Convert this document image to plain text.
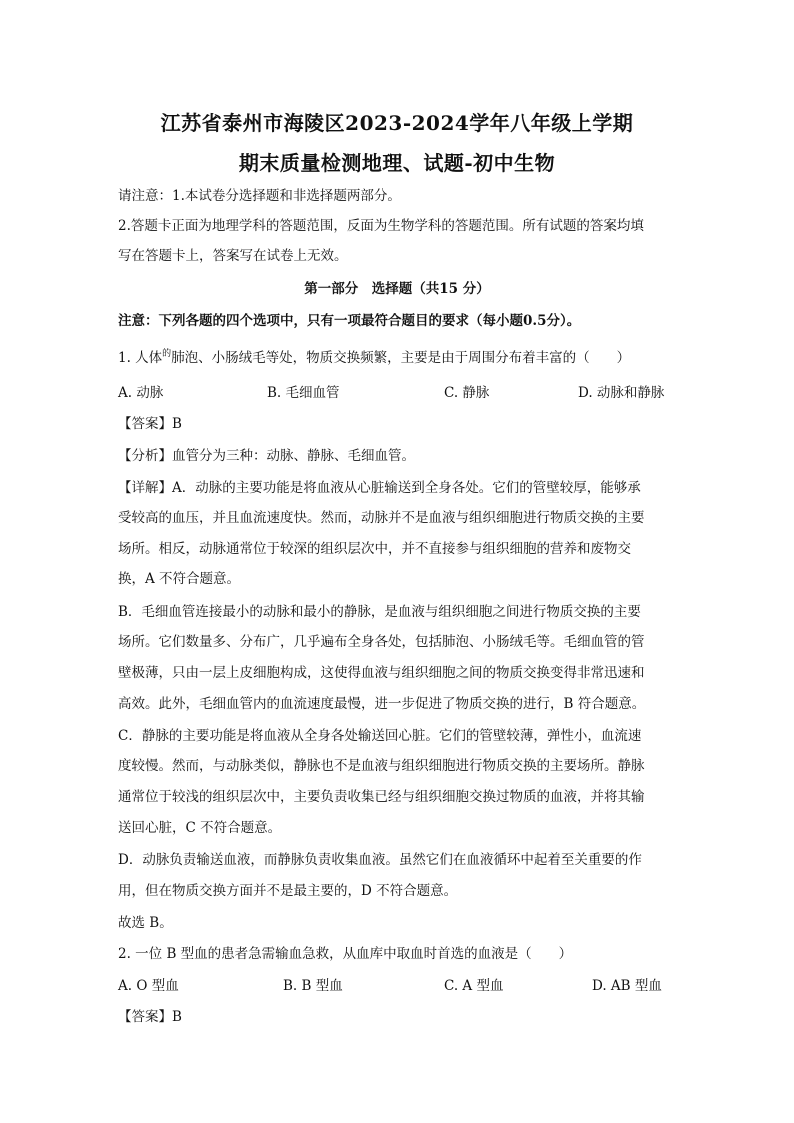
江苏省泰州市海陵区2023-2024学年八年级上学期
期末质量检测地理、试题-初中生物
请注意：1.本试卷分选择题和非选择题两部分。
2.答题卡正面为地理学科的答题范围，反面为生物学科的答题范围。所有试题的答案均填
写在答题卡上，答案写在试卷上无效。
第一部分　选择题（共15 分）
注意：下列各题的四个选项中，只有一项最符合题目的要求（每小题0.5分）。
1. 人体$^的$肺泡、小肠绒毛等处，物质交换频繁，主要是由于周围分布着丰富的（　　）
A. 动脉	B. 毛细血管	C. 静脉	D. 动脉和静脉
【答案】B
【分析】血管分为三种：动脉、静脉、毛细血管。
【详解】A．动脉的主要功能是将血液从心脏输送到全身各处。它们的管壁较厚，能够承
受较高的血压，并且血流速度快。然而，动脉并不是血液与组织细胞进行物质交换的主要
场所。相反，动脉通常位于较深的组织层次中，并不直接参与组织细胞的营养和废物交
换，A 不符合题意。
B．毛细血管连接最小的动脉和最小的静脉，是血液与组织细胞之间进行物质交换的主要
场所。它们数量多、分布广，几乎遍布全身各处，包括肺泡、小肠绒毛等。毛细血管的管
壁极薄，只由一层上皮细胞构成，这使得血液与组织细胞之间的物质交换变得非常迅速和
高效。此外，毛细血管内的血流速度最慢，进一步促进了物质交换的进行，B 符合题意。
C．静脉的主要功能是将血液从全身各处输送回心脏。它们的管壁较薄，弹性小，血流速
度较慢。然而，与动脉类似，静脉也不是血液与组织细胞进行物质交换的主要场所。静脉
通常位于较浅的组织层次中，主要负责收集已经与组织细胞交换过物质的血液，并将其输
送回心脏，C 不符合题意。
D．动脉负责输送血液，而静脉负责收集血液。虽然它们在血液循环中起着至关重要的作
用，但在物质交换方面并不是最主要的，D 不符合题意。
故选 B。
2. 一位 B 型血的患者急需输血急救，从血库中取血时首选的血液是（　　）
A. O 型血	B. B 型血	C. A 型血	D. AB 型血
【答案】B
